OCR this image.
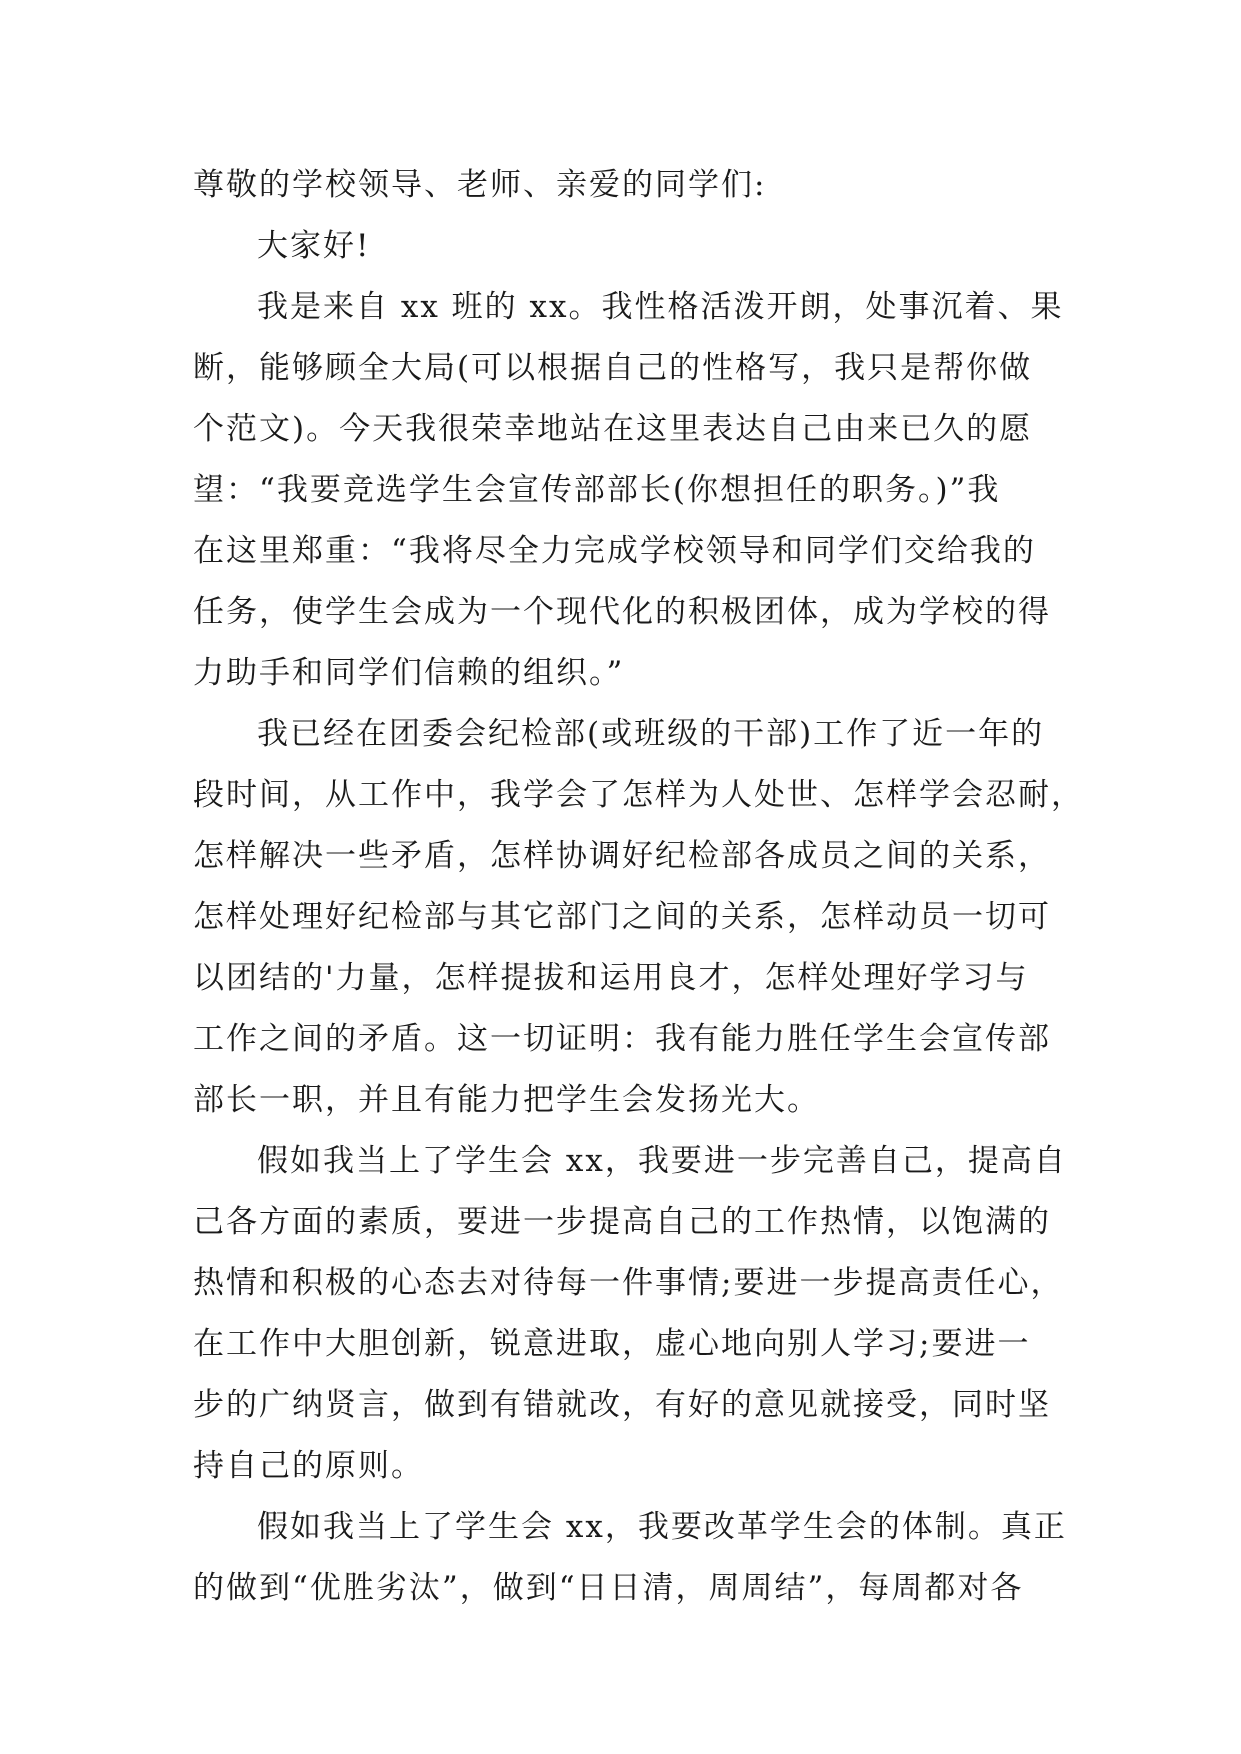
尊敬的学校领导、老师、亲爱的同学们:
大家好!
我是来自 xx 班的 xx。我性格活泼开朗，处事沉着、果
断，能够顾全大局(可以根据自己的性格写，我只是帮你做
个范文)。今天我很荣幸地站在这里表达自己由来已久的愿
望：“我要竞选学生会宣传部部长(你想担任的职务。)”我
在这里郑重：“我将尽全力完成学校领导和同学们交给我的
任务，使学生会成为一个现代化的积极团体，成为学校的得
力助手和同学们信赖的组织。”
我已经在团委会纪检部(或班级的干部)工作了近一年的
段时间，从工作中，我学会了怎样为人处世、怎样学会忍耐，
怎样解决一些矛盾，怎样协调好纪检部各成员之间的关系，
怎样处理好纪检部与其它部门之间的关系，怎样动员一切可
以团结的'力量，怎样提拔和运用良才，怎样处理好学习与
工作之间的矛盾。这一切证明：我有能力胜任学生会宣传部
部长一职，并且有能力把学生会发扬光大。
假如我当上了学生会 xx，我要进一步完善自己，提高自
己各方面的素质，要进一步提高自己的工作热情，以饱满的
热情和积极的心态去对待每一件事情;要进一步提高责任心，
在工作中大胆创新，锐意进取，虚心地向别人学习;要进一
步的广纳贤言，做到有错就改，有好的意见就接受，同时坚
持自己的原则。
假如我当上了学生会 xx，我要改革学生会的体制。真正
的做到“优胜劣汰”，做到“日日清，周周结”，每周都对各
